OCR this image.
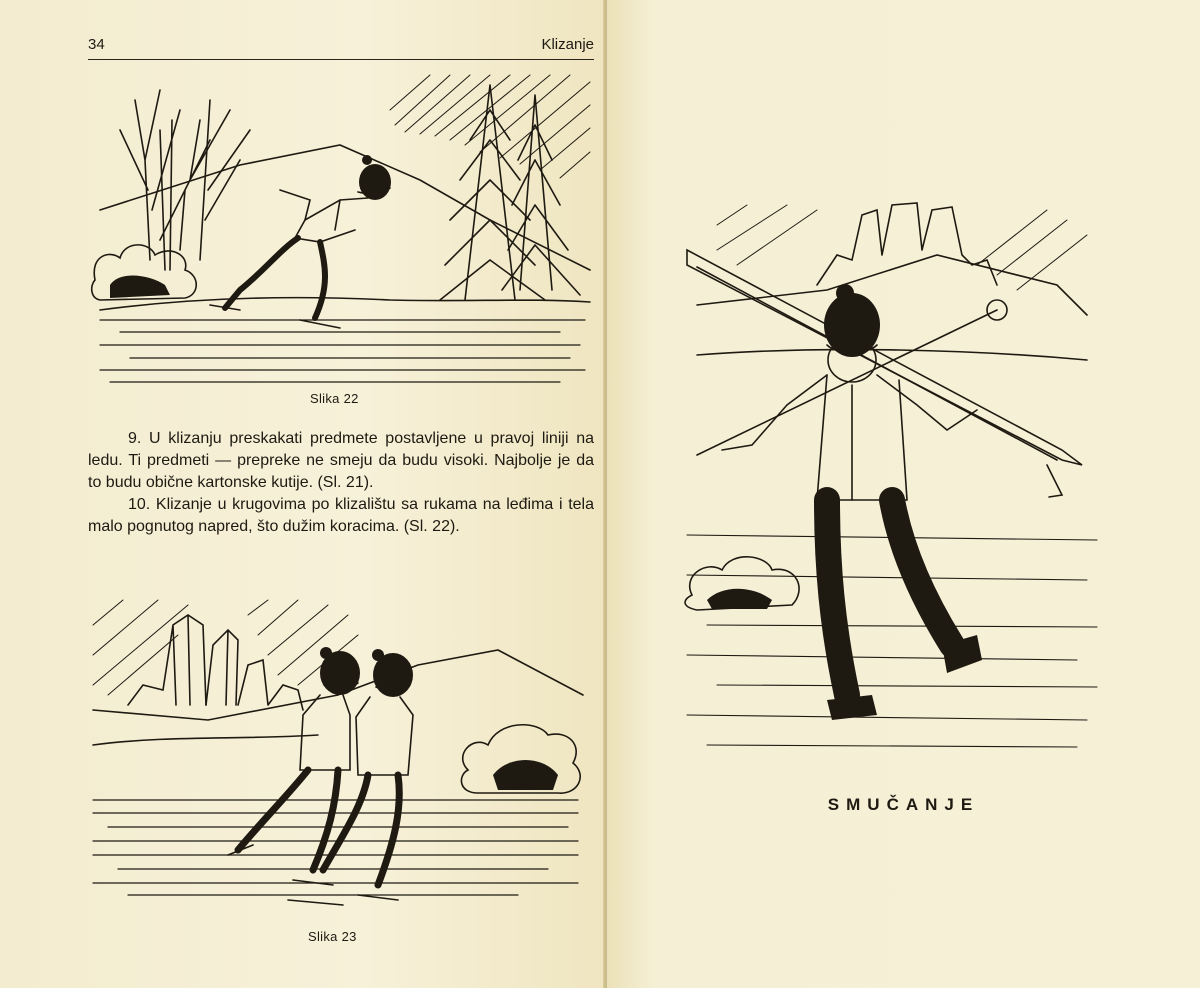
34	Klizanje
Slika 22

9. U klizanju preskakati predmete postavljene u pravoj liniji na ledu. Ti predmeti — prepreke ne smeju da budu visoki. Najbolje je da to budu obične kartonske kutije. (Sl. 21).

10. Klizanje u krugovima po klizalištu sa rukama na leđima i tela malo pognutog napred, što dužim koracima. (Sl. 22).

Slika 23
SMUČANJE
